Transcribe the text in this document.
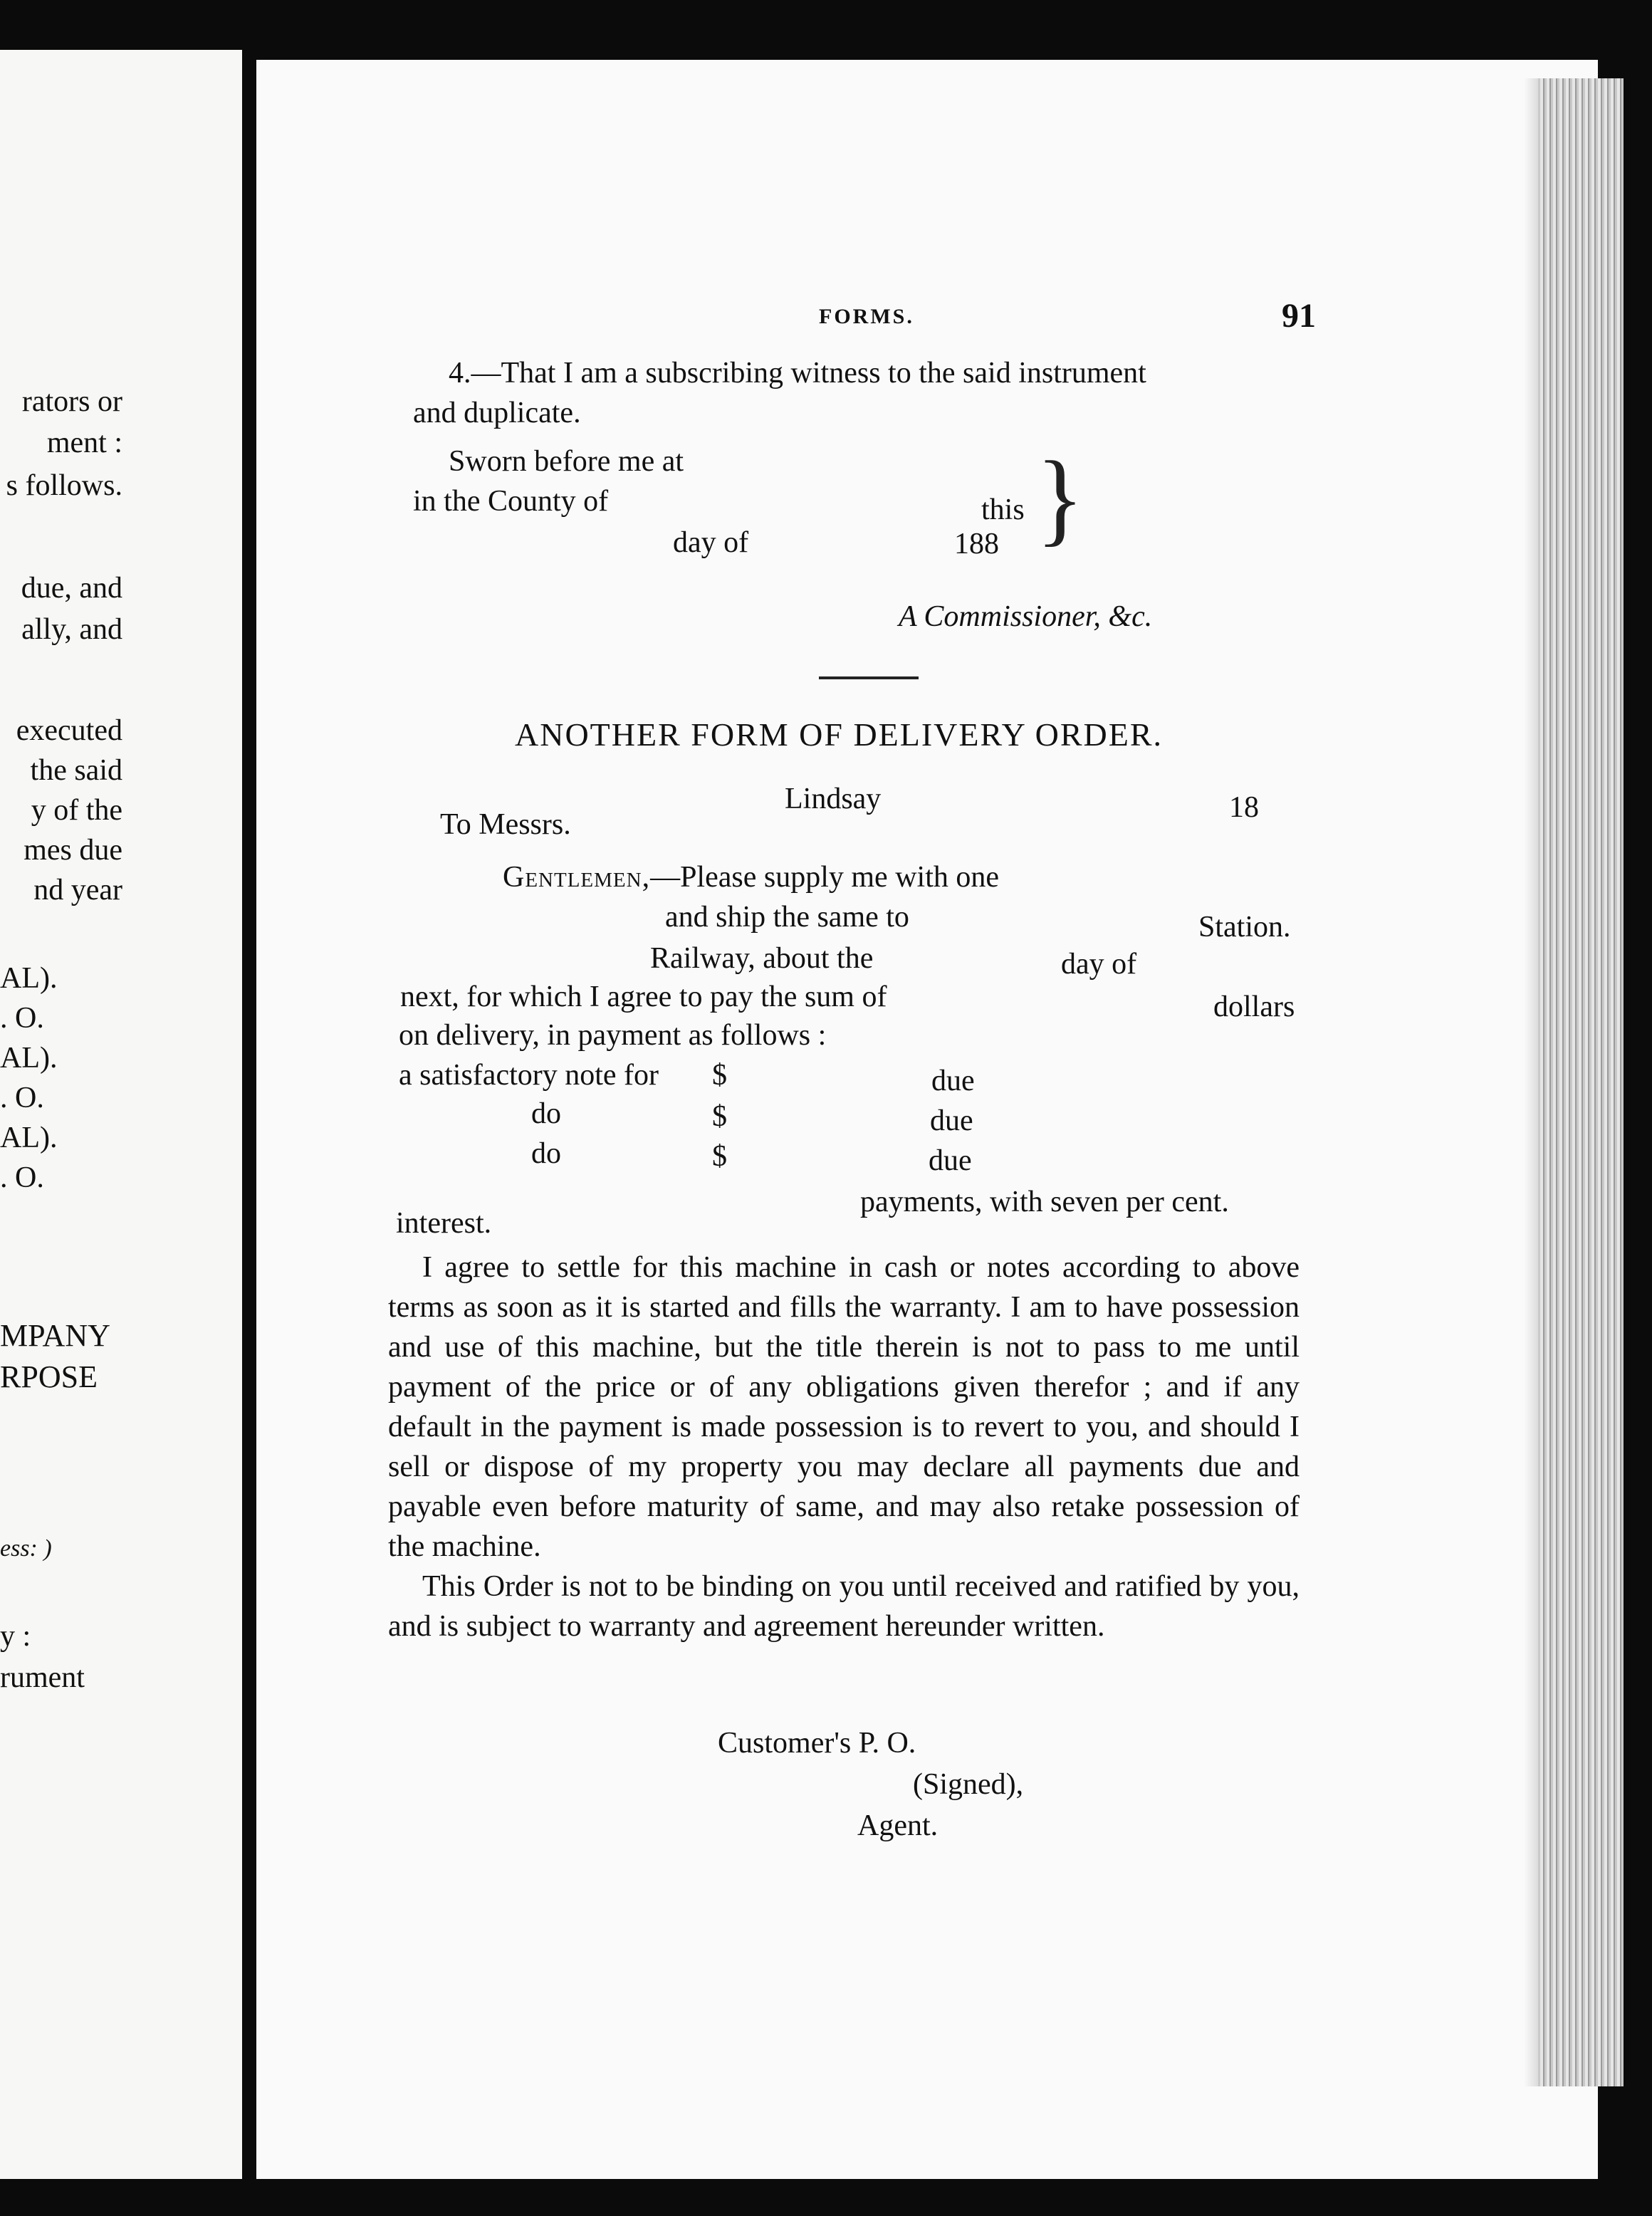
rators or
ment :
s follows.
due, and
ally, and
executed
the said
y of the
mes due
nd year
AL).
. O.
AL).
. O.
AL).
. O.
MPANY
RPOSE
ess: )
y :
rument
FORMS.	91
4.—That I am a subscribing witness to the said instrument
and duplicate.
Sworn before me at
in the County of	this
day of	188 }
A Commissioner, &c.
ANOTHER FORM OF DELIVERY ORDER.
Lindsay	18
To Messrs.
Gentlemen,—Please supply me with one
and ship the same to	Station.
Railway, about the	day of
next, for which I agree to pay the sum of	dollars
on delivery, in payment as follows :
a satisfactory note for $	due
do	$	due
do	$	due
payments, with seven per cent.
interest.

I agree to settle for this machine in cash or notes according to above terms as soon as it is started and fills the warranty. I am to have possession and use of this machine, but the title therein is not to pass to me until payment of the price or of any obligations given therefor ; and if any default in the payment is made possession is to revert to you, and should I sell or dispose of my property you may declare all payments due and payable even before maturity of same, and may also retake possession of the machine.

This Order is not to be binding on you until received and ratified by you, and is subject to warranty and agreement hereunder written.

Customer's P. O.
(Signed),
Agent.
